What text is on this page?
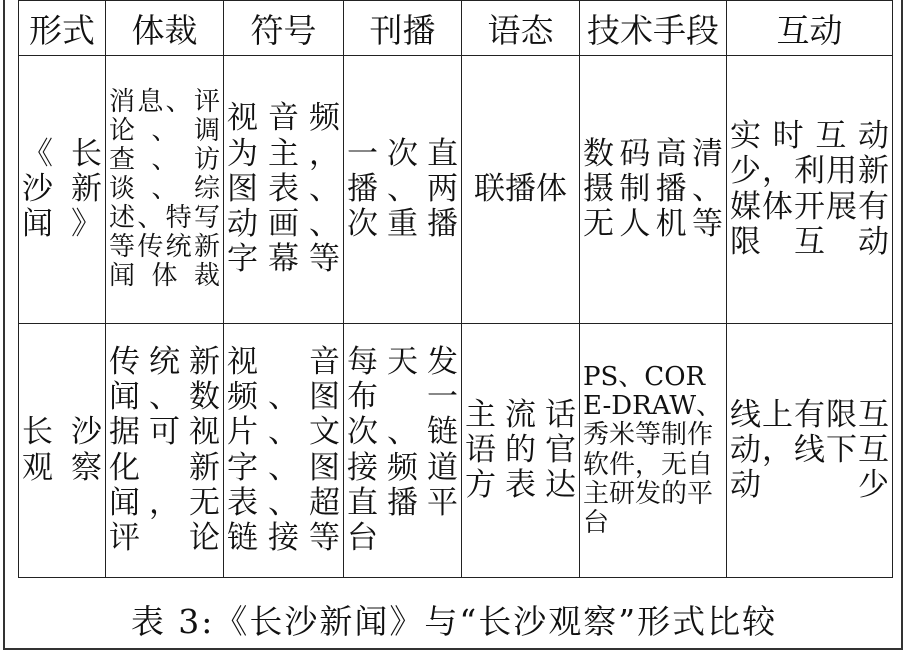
形式	体裁	符号	刊播	语态	技术手段	互动
《长沙新闻》	消息、评论、调查、访谈、综述、特写等传统新闻体裁	视音频为主，图表、动画、字幕等	一次直播、两次重播	联播体	数码高清摄制播、无人机等	实时互动少，利用新媒体开展有限互动
长沙观察	传统新闻、数据可视化新闻，无评论	视音频、图片、文字、图表、超链接等	每天发布一次、链接频道直播平台	主流话语的官方表达	PS、CORE-DRAW、秀米等制作软件，无自主研发的平台	线上有限互动，线下互动少
表 3:《长沙新闻》与“长沙观察”形式比较
